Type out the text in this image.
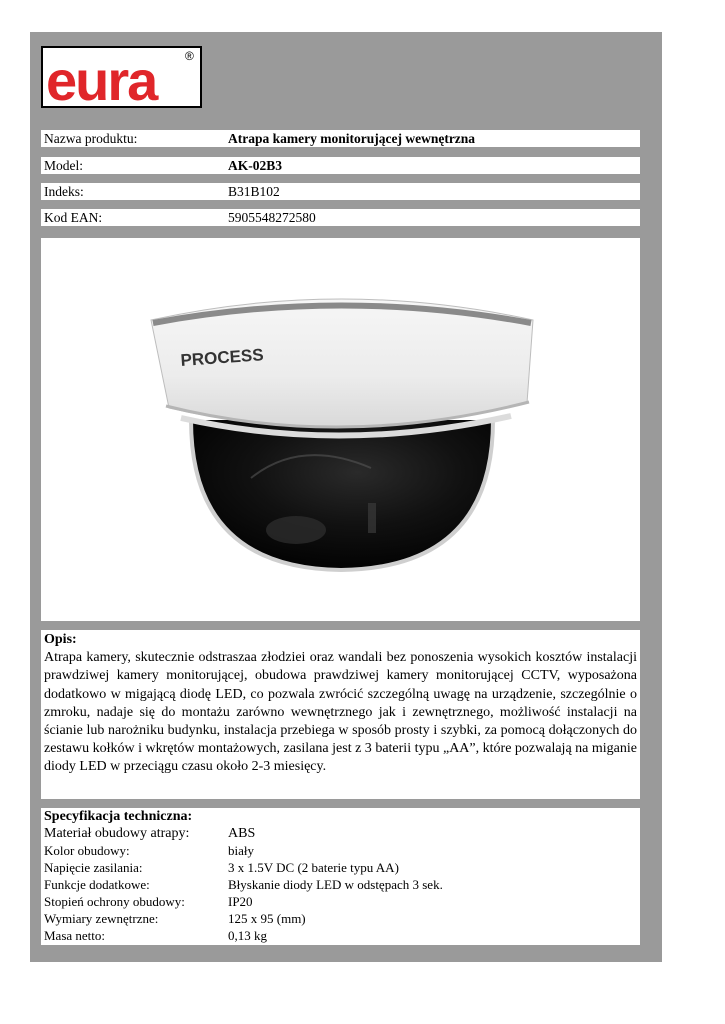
eura ®
Nazwa produktu:	Atrapa kamery monitorującej wewnętrzna
Model:	AK-02B3
Indeks:	B31B102
Kod EAN:	5905548272580
PROCESS
Opis:

Atrapa kamery, skutecznie odstraszaa złodziei oraz wandali bez ponoszenia wysokich kosztów instalacji prawdziwej kamery monitorującej, obudowa prawdziwej kamery monitorującej CCTV, wyposażona dodatkowo w migającą diodę LED, co pozwala zwrócić szczególną uwagę na urządzenie, szczególnie o zmroku, nadaje się do montażu zarówno wewnętrznego jak i zewnętrznego, możliwość instalacji na ścianie lub narożniku budynku, instalacja przebiega w sposób prosty i szybki, za pomocą dołączonych do zestawu kołków i wkrętów montażowych, zasilana jest z 3 baterii typu „AA”, które pozwalają na miganie diody LED w przeciągu czasu około 2-3 miesięcy.

Specyfikacja techniczna:
Materiał obudowy atrapy:	ABS
Kolor obudowy:	biały
Napięcie zasilania:	3 x 1.5V DC (2 baterie typu AA)
Funkcje dodatkowe:	Błyskanie diody LED w odstępach 3 sek.
Stopień ochrony obudowy:	IP20
Wymiary zewnętrzne:	125 x 95 (mm)
Masa netto:	0,13 kg
